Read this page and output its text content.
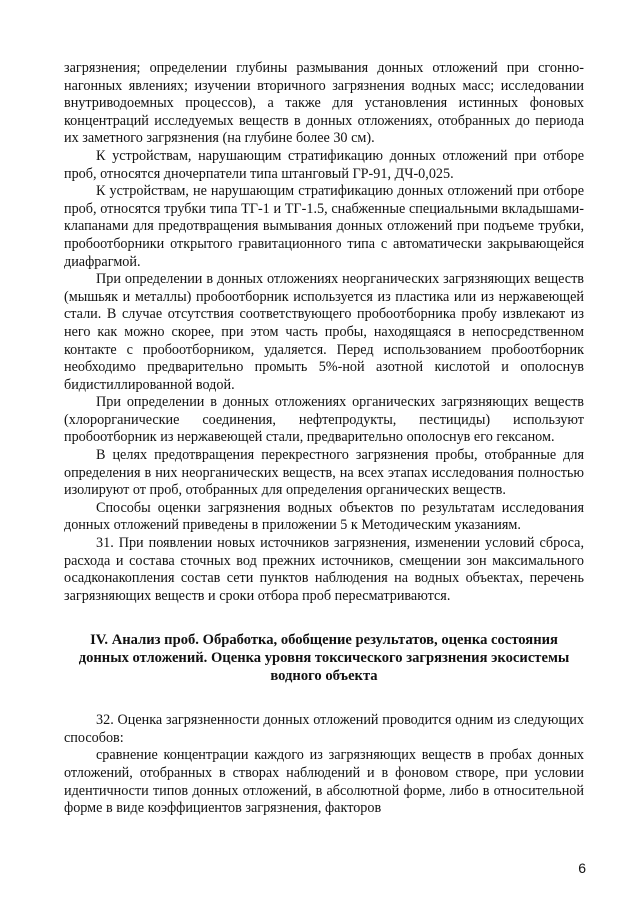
загрязнения; определении глубины размывания донных отложений при сгонно-нагонных явлениях; изучении вторичного загрязнения водных масс; исследовании внутриводоемных процессов), а также для установления истинных фоновых концентраций исследуемых веществ в донных отложениях, отобранных до периода их заметного загрязнения (на глубине более 30 см).

К устройствам, нарушающим стратификацию донных отложений при отборе проб, относятся дночерпатели типа штанговый ГР-91, ДЧ-0,025.

К устройствам, не нарушающим стратификацию донных отложений при отборе проб, относятся трубки типа ТГ-1 и ТГ-1.5, снабженные специальными вкладышами-клапанами для предотвращения вымывания донных отложений при подъеме трубки, пробоотборники открытого гравитационного типа с автоматически закрывающейся диафрагмой.

При определении в донных отложениях неорганических загрязняющих веществ (мышьяк и металлы) пробоотборник используется из пластика или из нержавеющей стали. В случае отсутствия соответствующего пробоотборника пробу извлекают из него как можно скорее, при этом часть пробы, находящаяся в непосредственном контакте с пробоотборником, удаляется. Перед использованием пробоотборник необходимо предварительно промыть 5%-ной азотной кислотой и ополоснув бидистиллированной водой.

При определении в донных отложениях органических загрязняющих веществ (хлорорганические соединения, нефтепродукты, пестициды) используют пробоотборник из нержавеющей стали, предварительно ополоснув его гексаном.

В целях предотвращения перекрестного загрязнения пробы, отобранные для определения в них неорганических веществ, на всех этапах исследования полностью изолируют от проб, отобранных для определения органических веществ.

Способы оценки загрязнения водных объектов по результатам исследования донных отложений приведены в приложении 5 к Методическим указаниям.

31. При появлении новых источников загрязнения, изменении условий сброса, расхода и состава сточных вод прежних источников, смещении зон максимального осадконакопления состав сети пунктов наблюдения на водных объектах, перечень загрязняющих веществ и сроки отбора проб пересматриваются.

IV. Анализ проб. Обработка, обобщение результатов, оценка состояния
донных отложений. Оценка уровня токсического загрязнения экосистемы
водного объекта

32. Оценка загрязненности донных отложений проводится одним из следующих способов:

сравнение концентрации каждого из загрязняющих веществ в пробах донных отложений, отобранных в створах наблюдений и в фоновом створе, при условии идентичности типов донных отложений, в абсолютной форме, либо в относительной форме в виде коэффициентов загрязнения, факторов

6
